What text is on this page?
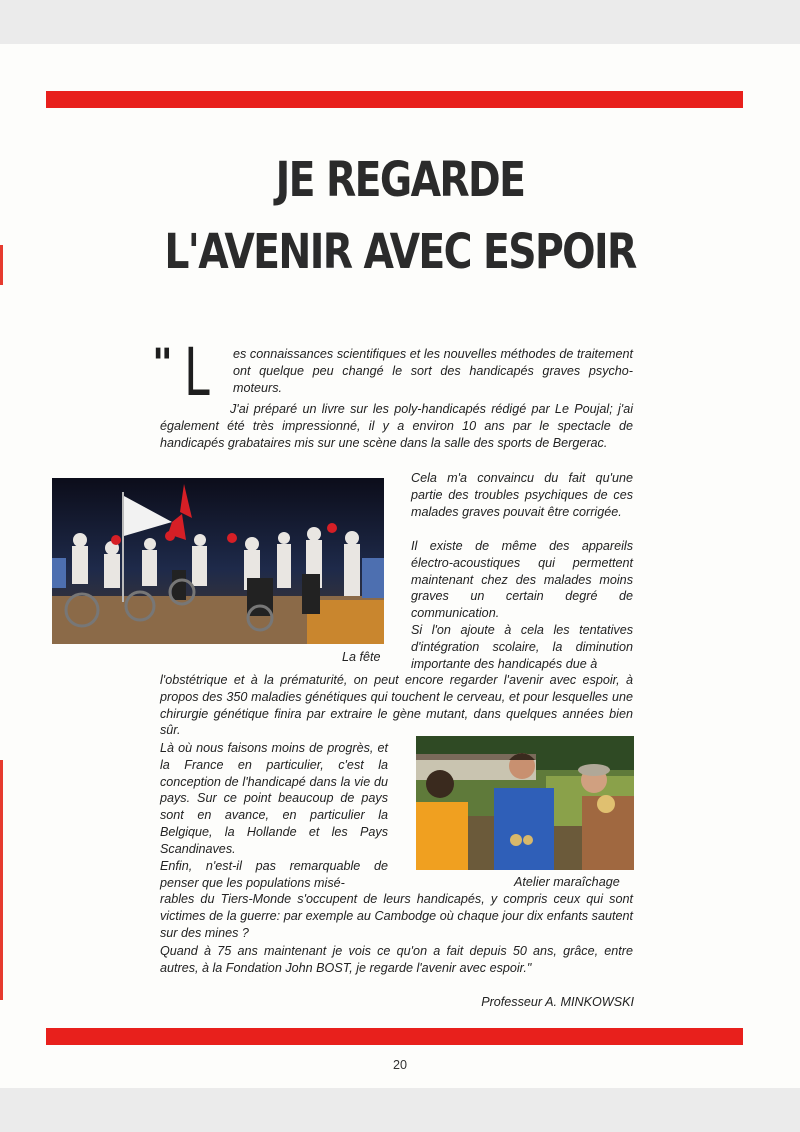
JE REGARDE
L'AVENIR AVEC ESPOIR
" L es connaissances scientifiques et les nouvelles méthodes de traitement ont quelque peu changé le sort des handicapés graves psycho-moteurs.

J'ai préparé un livre sur les poly-handicapés rédigé par Le Poujal; j'ai également été très impressionné, il y a environ 10 ans par le spectacle de handicapés grabataires mis sur une scène dans la salle des sports de Bergerac.

La fête

Cela m'a convaincu du fait qu'une partie des troubles psychiques de ces malades graves pouvait être corrigée.

Il existe de même des appareils électro-acoustiques qui permettent maintenant chez des malades moins graves un certain degré de communication.

Si l'on ajoute à cela les tentatives d'intégration scolaire, la diminution importante des handicapés due à

l'obstétrique et à la prématurité, on peut encore regarder l'avenir avec espoir, à propos des 350 maladies génétiques qui touchent le cerveau, et pour lesquelles une chirurgie génétique finira par extraire le gène mutant, dans quelques années bien sûr.

Là où nous faisons moins de progrès, et la France en particulier, c'est la conception de l'handicapé dans la vie du pays. Sur ce point beaucoup de pays sont en avance, en particulier la Belgique, la Hollande et les Pays Scandinaves.

Enfin, n'est-il pas remarquable de penser que les populations misé-	Atelier maraîchage

rables du Tiers-Monde s'occupent de leurs handicapés, y compris ceux qui sont victimes de la guerre: par exemple au Cambodge où chaque jour dix enfants sautent sur des mines ?

Quand à 75 ans maintenant je vois ce qu'on a fait depuis 50 ans, grâce, entre autres, à la Fondation John BOST, je regarde l'avenir avec espoir."

Professeur A. MINKOWSKI

20
